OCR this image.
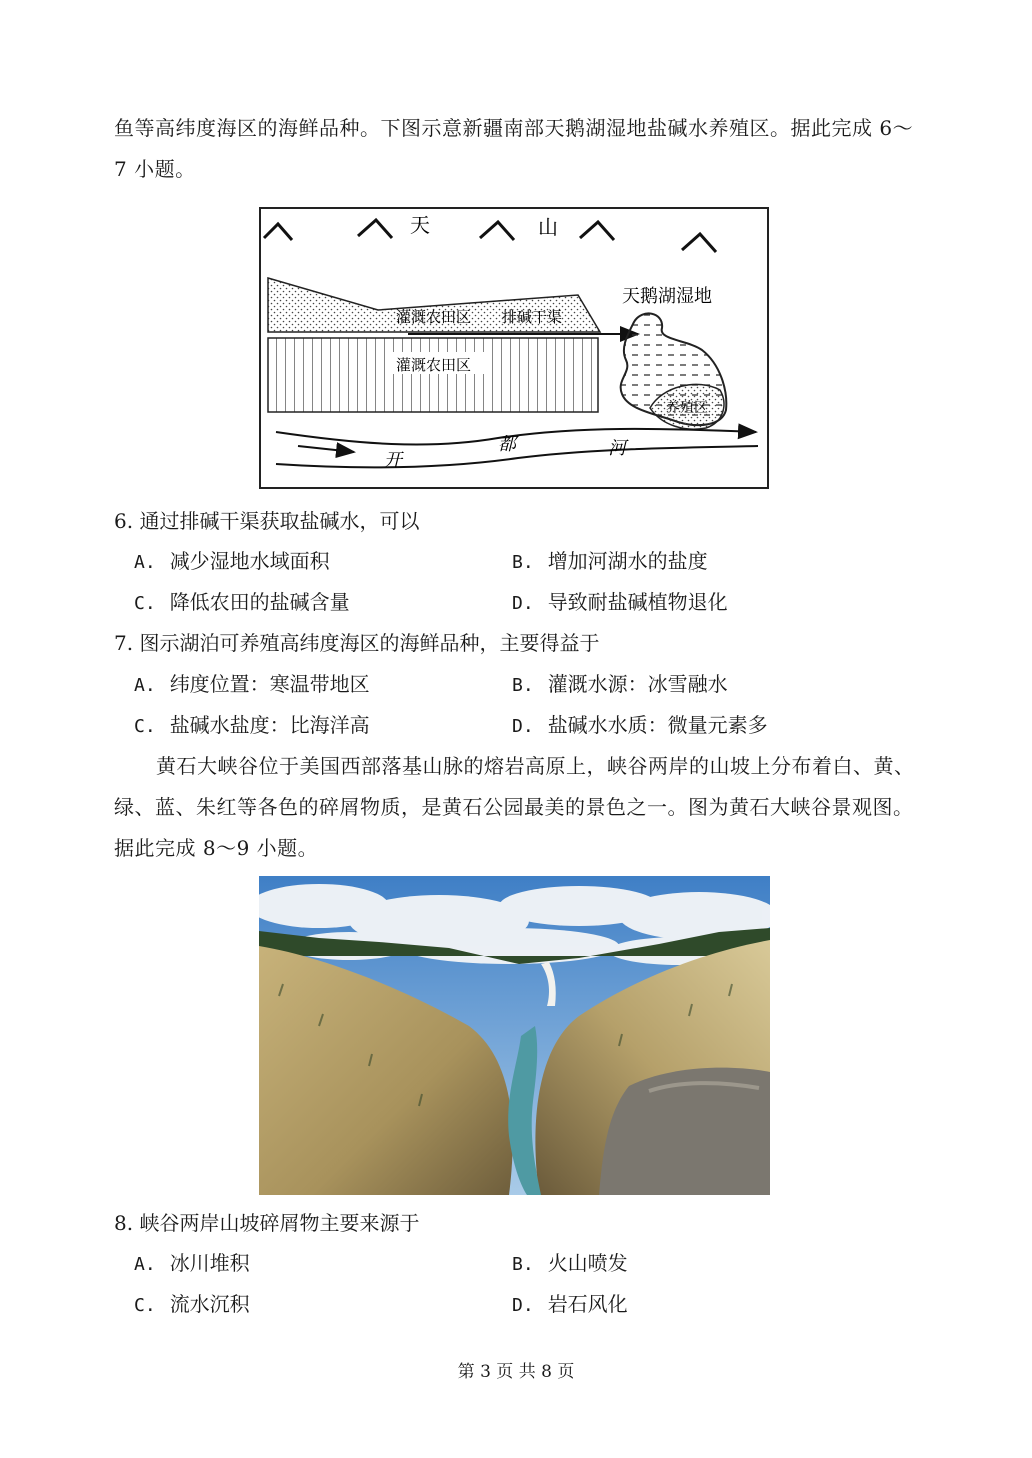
鱼等高纬度海区的海鲜品种。下图示意新疆南部天鹅湖湿地盐碱水养殖区。据此完成 6～
7 小题。
天	山
灌溉农田区 排碱干渠
灌溉农田区
天鹅湖湿地
养殖区
开
都	河
6. 通过排碱干渠获取盐碱水，可以
A. 减少湿地水域面积	B. 增加河湖水的盐度
C. 降低农田的盐碱含量	D. 导致耐盐碱植物退化
7. 图示湖泊可养殖高纬度海区的海鲜品种，主要得益于
A. 纬度位置：寒温带地区	B. 灌溉水源：冰雪融水
C. 盐碱水盐度：比海洋高	D. 盐碱水水质：微量元素多
黄石大峡谷位于美国西部落基山脉的熔岩高原上，峡谷两岸的山坡上分布着白、黄、
绿、蓝、朱红等各色的碎屑物质，是黄石公园最美的景色之一。图为黄石大峡谷景观图。
据此完成 8～9 小题。
8. 峡谷两岸山坡碎屑物主要来源于
A. 冰川堆积	B. 火山喷发
C. 流水沉积	D. 岩石风化
第 3 页 共 8 页
